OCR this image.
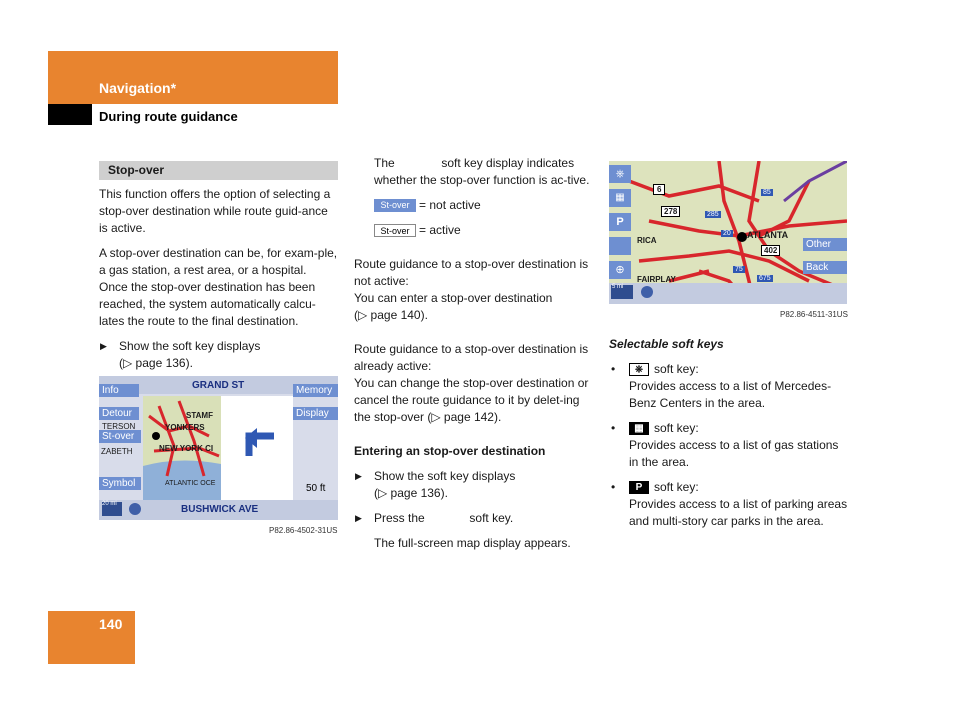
Navigation*
During route guidance
Stop-over

This function offers the option of selecting a stop-over destination while route guid-ance is active.

A stop-over destination can be, for exam-ple, a gas station, a rest area, or a hospital. Once the stop-over destination has been reached, the system automatically calcu-lates the route to the final destination.

▶ Show the soft key displays
(▷ page 136).
Info
Detour
St-over
Symbol
Memory
Display
GRAND ST
BUSHWICK AVE
50 ft
20 mi
STAMF
YONKERS
TERSON
NEW YORK CI
ZABETH
ATLANTIC OCE
P82.86-4502-31US

The	soft key display indicates whether the stop-over function is ac-tive.

St-over = not active

St-over = active

Route guidance to a stop-over destination is not active:
You can enter a stop-over destination
(▷ page 140).

Route guidance to a stop-over destination is already active:
You can change the stop-over destination or cancel the route guidance to it by delet-ing the stop-over (▷ page 142).

Entering an stop-over destination
▶ Show the soft key displays
(▷ page 136).
▶ Press the	soft key.
The full-screen map display appears.
⎈
▦
P
⊕
Other
Back
ATLANTA
RICA
FAIRPLAY
6
278	285
20
402
75
675
85
5 mi
P82.86-4511-31US
Selectable soft keys
• ⎈ soft key:
Provides access to a list of Mercedes-Benz Centers in the area.
• ▦ soft key:
Provides access to a list of gas stations in the area.
• P soft key:
Provides access to a list of parking areas and multi-story car parks in the area.
140
